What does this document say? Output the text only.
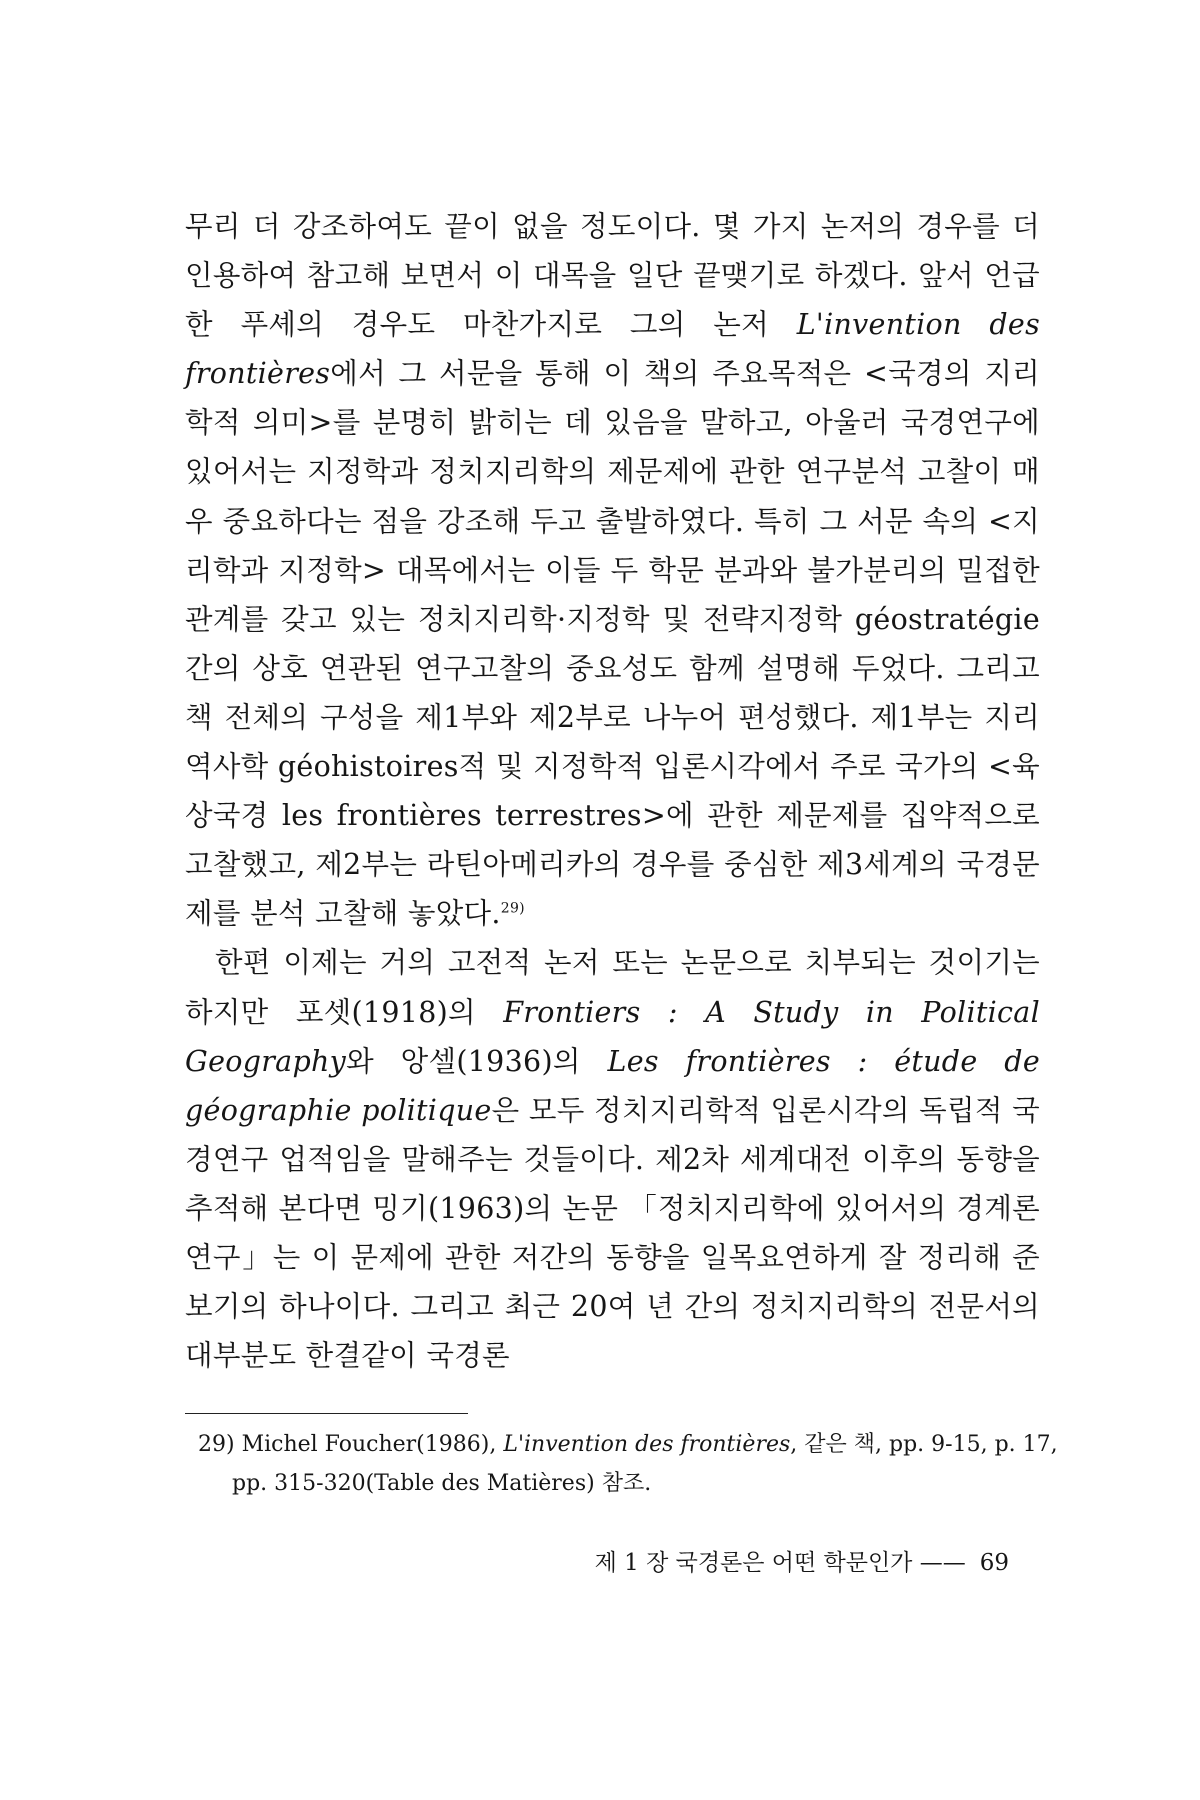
무리 더 강조하여도 끝이 없을 정도이다. 몇 가지 논저의 경우를 더 인용하여 참고해 보면서 이 대목을 일단 끝맺기로 하겠다. 앞서 언급한 푸셰의 경우도 마찬가지로 그의 논저 L'invention des frontières에서 그 서문을 통해 이 책의 주요목적은 <국경의 지리학적 의미>를 분명히 밝히는 데 있음을 말하고, 아울러 국경연구에 있어서는 지정학과 정치지리학의 제문제에 관한 연구분석 고찰이 매우 중요하다는 점을 강조해 두고 출발하였다. 특히 그 서문 속의 <지리학과 지정학> 대목에서는 이들 두 학문 분과와 불가분리의 밀접한 관계를 갖고 있는 정치지리학·지정학 및 전략지정학 géostratégie 간의 상호 연관된 연구고찰의 중요성도 함께 설명해 두었다. 그리고 책 전체의 구성을 제1부와 제2부로 나누어 편성했다. 제1부는 지리역사학 géohistoires적 및 지정학적 입론시각에서 주로 국가의 <육상국경 les frontières terrestres>에 관한 제문제를 집약적으로 고찰했고, 제2부는 라틴아메리카의 경우를 중심한 제3세계의 국경문제를 분석 고찰해 놓았다.$^{29)}$

한편 이제는 거의 고전적 논저 또는 논문으로 치부되는 것이기는 하지만 포셋(1918)의 Frontiers : A Study in Political Geography와 앙셀(1936)의 Les frontières : étude de géographie politique은 모두 정치지리학적 입론시각의 독립적 국경연구 업적임을 말해주는 것들이다. 제2차 세계대전 이후의 동향을 추적해 본다면 밍기(1963)의 논문 「정치지리학에 있어서의 경계론 연구」는 이 문제에 관한 저간의 동향을 일목요연하게 잘 정리해 준 보기의 하나이다. 그리고 최근 20여 년 간의 정치지리학의 전문서의 대부분도 한결같이 국경론

29) Michel Foucher(1986), L'invention des frontières, 같은 책, pp. 9-15, p. 17, pp. 315-320(Table des Matières) 참조.
제 1 장 국경론은 어떤 학문인가 —— 69
